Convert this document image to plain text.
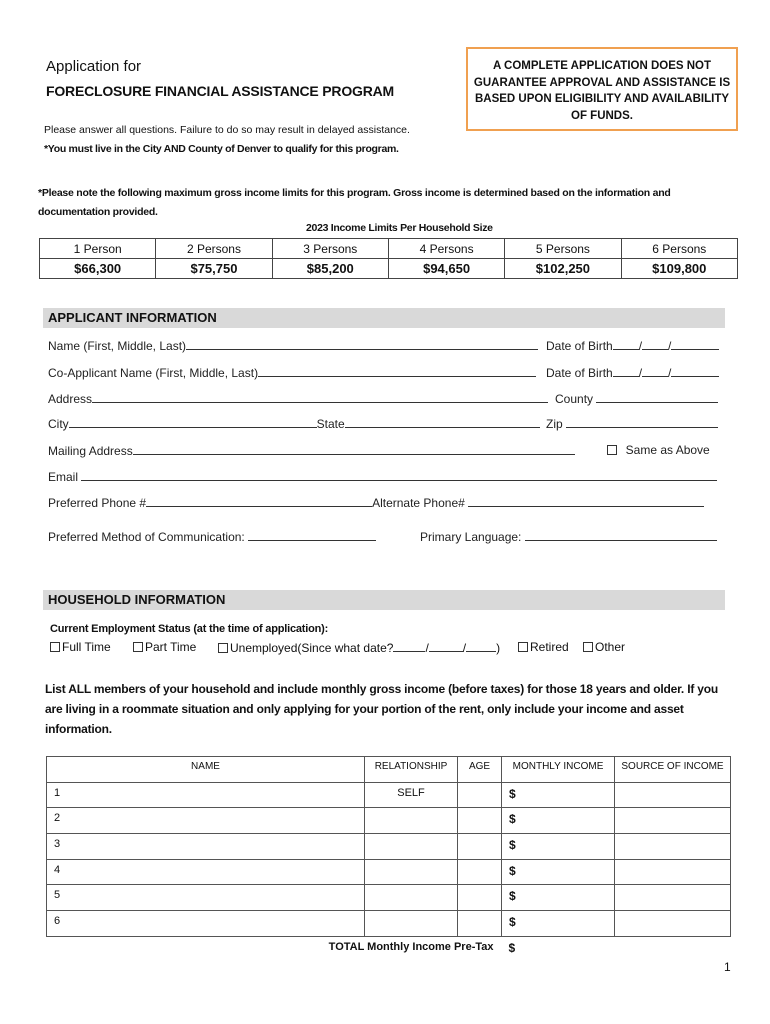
Application for
FORECLOSURE FINANCIAL ASSISTANCE PROGRAM
A COMPLETE APPLICATION DOES NOT GUARANTEE APPROVAL AND ASSISTANCE IS BASED UPON ELIGIBILITY AND AVAILABILITY OF FUNDS.
Please answer all questions. Failure to do so may result in delayed assistance.
*You must live in the City AND County of Denver to qualify for this program.
*Please note the following maximum gross income limits for this program. Gross income is determined based on the information and documentation provided.
2023 Income Limits Per Household Size
1 Person	2 Persons	3 Persons	4 Persons	5 Persons	6 Persons
$66,300	$75,750	$85,200	$94,650	$102,250	$109,800
APPLICANT INFORMATION
Name (First, Middle, Last)	Date of Birth / /
Co-Applicant Name (First, Middle, Last)	Date of Birth / /
Address	County
City	State	Zip
Mailing Address	Same as Above
Email
Preferred Phone #	Alternate Phone#
Preferred Method of Communication:	Primary Language:
HOUSEHOLD INFORMATION
Current Employment Status (at the time of application):
Full Time	Part Time	Unemployed(Since what date?	/	/	)	Retired	Other
List ALL members of your household and include monthly gross income (before taxes) for those 18 years and older. If you are living in a roommate situation and only applying for your portion of the rent, only include your income and asset information.
NAME	RELATIONSHIP	AGE	MONTHLY INCOME	SOURCE OF INCOME
1	SELF		$	
2			$	
3			$	
4			$	
5			$	
6			$	
TOTAL Monthly Income Pre-Tax			$	
1
